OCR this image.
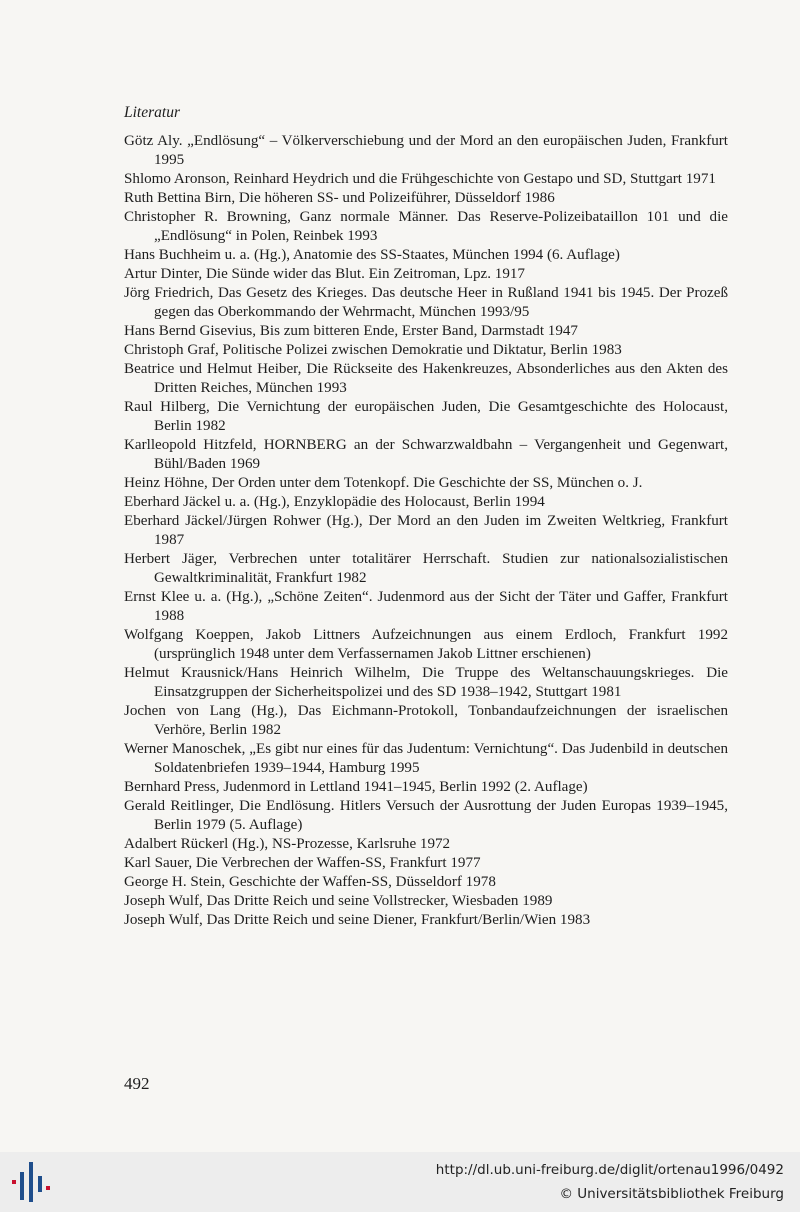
Literatur

Götz Aly. „Endlösung“ – Völkerverschiebung und der Mord an den europäischen Juden, Frankfurt 1995

Shlomo Aronson, Reinhard Heydrich und die Frühgeschichte von Gestapo und SD, Stuttgart 1971

Ruth Bettina Birn, Die höheren SS- und Polizeiführer, Düsseldorf 1986

Christopher R. Browning, Ganz normale Männer. Das Reserve-Polizeibataillon 101 und die „Endlösung“ in Polen, Reinbek 1993

Hans Buchheim u. a. (Hg.), Anatomie des SS-Staates, München 1994 (6. Auflage)

Artur Dinter, Die Sünde wider das Blut. Ein Zeitroman, Lpz. 1917

Jörg Friedrich, Das Gesetz des Krieges. Das deutsche Heer in Rußland 1941 bis 1945. Der Prozeß gegen das Oberkommando der Wehrmacht, München 1993/95

Hans Bernd Gisevius, Bis zum bitteren Ende, Erster Band, Darmstadt 1947

Christoph Graf, Politische Polizei zwischen Demokratie und Diktatur, Berlin 1983

Beatrice und Helmut Heiber, Die Rückseite des Hakenkreuzes, Absonderliches aus den Akten des Dritten Reiches, München 1993

Raul Hilberg, Die Vernichtung der europäischen Juden, Die Gesamtgeschichte des Holocaust, Berlin 1982

Karlleopold Hitzfeld, HORNBERG an der Schwarzwaldbahn – Vergangenheit und Gegenwart, Bühl/Baden 1969

Heinz Höhne, Der Orden unter dem Totenkopf. Die Geschichte der SS, München o. J.

Eberhard Jäckel u. a. (Hg.), Enzyklopädie des Holocaust, Berlin 1994

Eberhard Jäckel/Jürgen Rohwer (Hg.), Der Mord an den Juden im Zweiten Weltkrieg, Frankfurt 1987

Herbert Jäger, Verbrechen unter totalitärer Herrschaft. Studien zur nationalsozialistischen Gewaltkriminalität, Frankfurt 1982

Ernst Klee u. a. (Hg.), „Schöne Zeiten“. Judenmord aus der Sicht der Täter und Gaffer, Frankfurt 1988

Wolfgang Koeppen, Jakob Littners Aufzeichnungen aus einem Erdloch, Frankfurt 1992 (ursprünglich 1948 unter dem Verfassernamen Jakob Littner erschienen)

Helmut Krausnick/Hans Heinrich Wilhelm, Die Truppe des Weltanschauungskrieges. Die Einsatzgruppen der Sicherheitspolizei und des SD 1938–1942, Stuttgart 1981

Jochen von Lang (Hg.), Das Eichmann-Protokoll, Tonbandaufzeichnungen der israelischen Verhöre, Berlin 1982

Werner Manoschek, „Es gibt nur eines für das Judentum: Vernichtung“. Das Judenbild in deutschen Soldatenbriefen 1939–1944, Hamburg 1995

Bernhard Press, Judenmord in Lettland 1941–1945, Berlin 1992 (2. Auflage)

Gerald Reitlinger, Die Endlösung. Hitlers Versuch der Ausrottung der Juden Europas 1939–1945, Berlin 1979 (5. Auflage)

Adalbert Rückerl (Hg.), NS-Prozesse, Karlsruhe 1972

Karl Sauer, Die Verbrechen der Waffen-SS, Frankfurt 1977

George H. Stein, Geschichte der Waffen-SS, Düsseldorf 1978

Joseph Wulf, Das Dritte Reich und seine Vollstrecker, Wiesbaden 1989

Joseph Wulf, Das Dritte Reich und seine Diener, Frankfurt/Berlin/Wien 1983

492
http://dl.ub.uni-freiburg.de/diglit/ortenau1996/0492
© Universitätsbibliothek Freiburg
